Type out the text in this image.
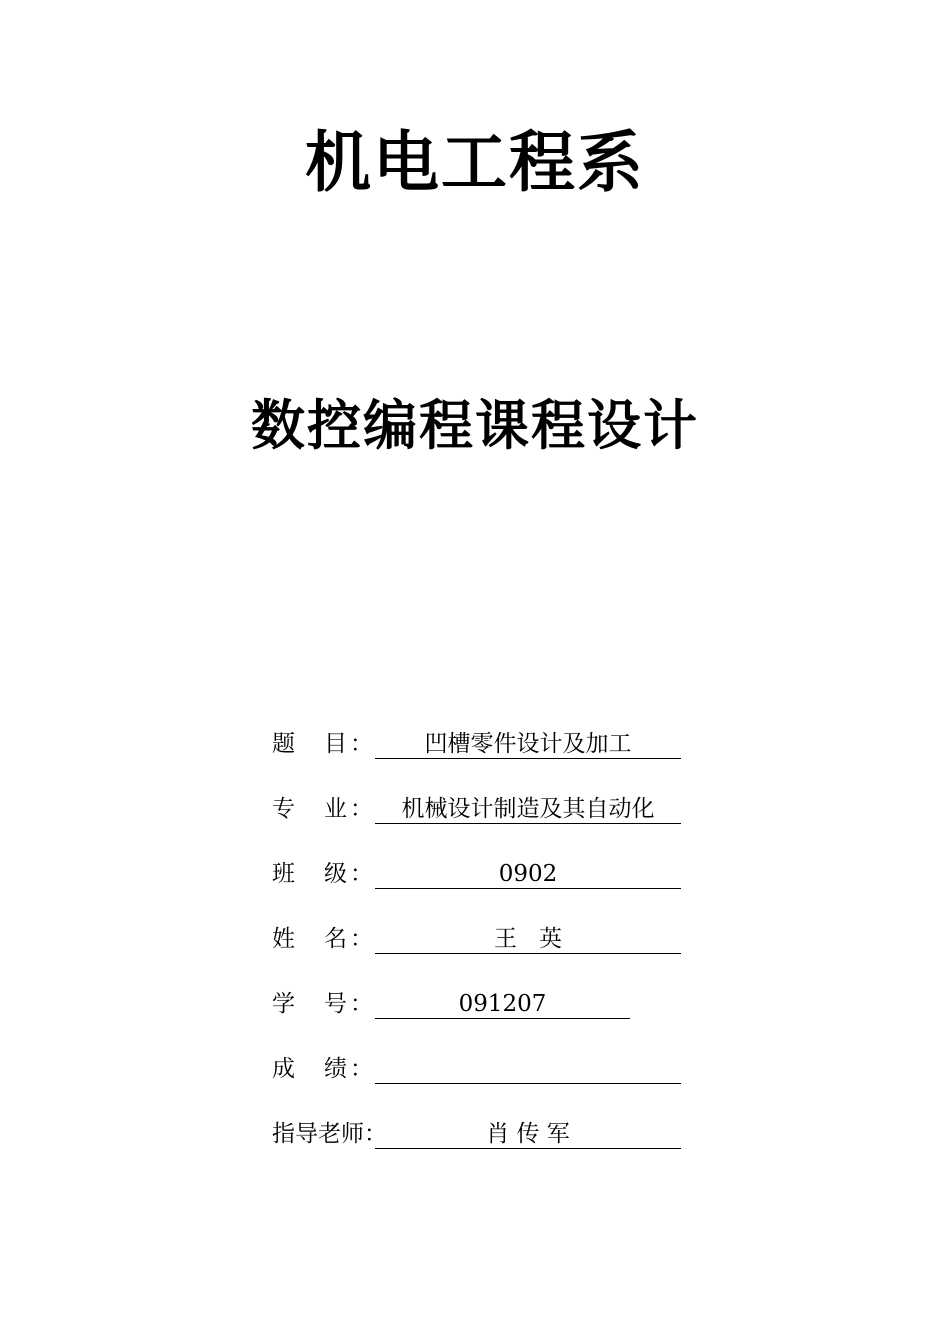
机电工程系
数控编程课程设计
题 目 ：	凹槽零件设计及加工
专 业 ：	机械设计制造及其自动化
班 级 ：	0902
姓 名 ：	王   英
学 号 ：	091207
成 绩 ：
指导老师：	肖 传 军
